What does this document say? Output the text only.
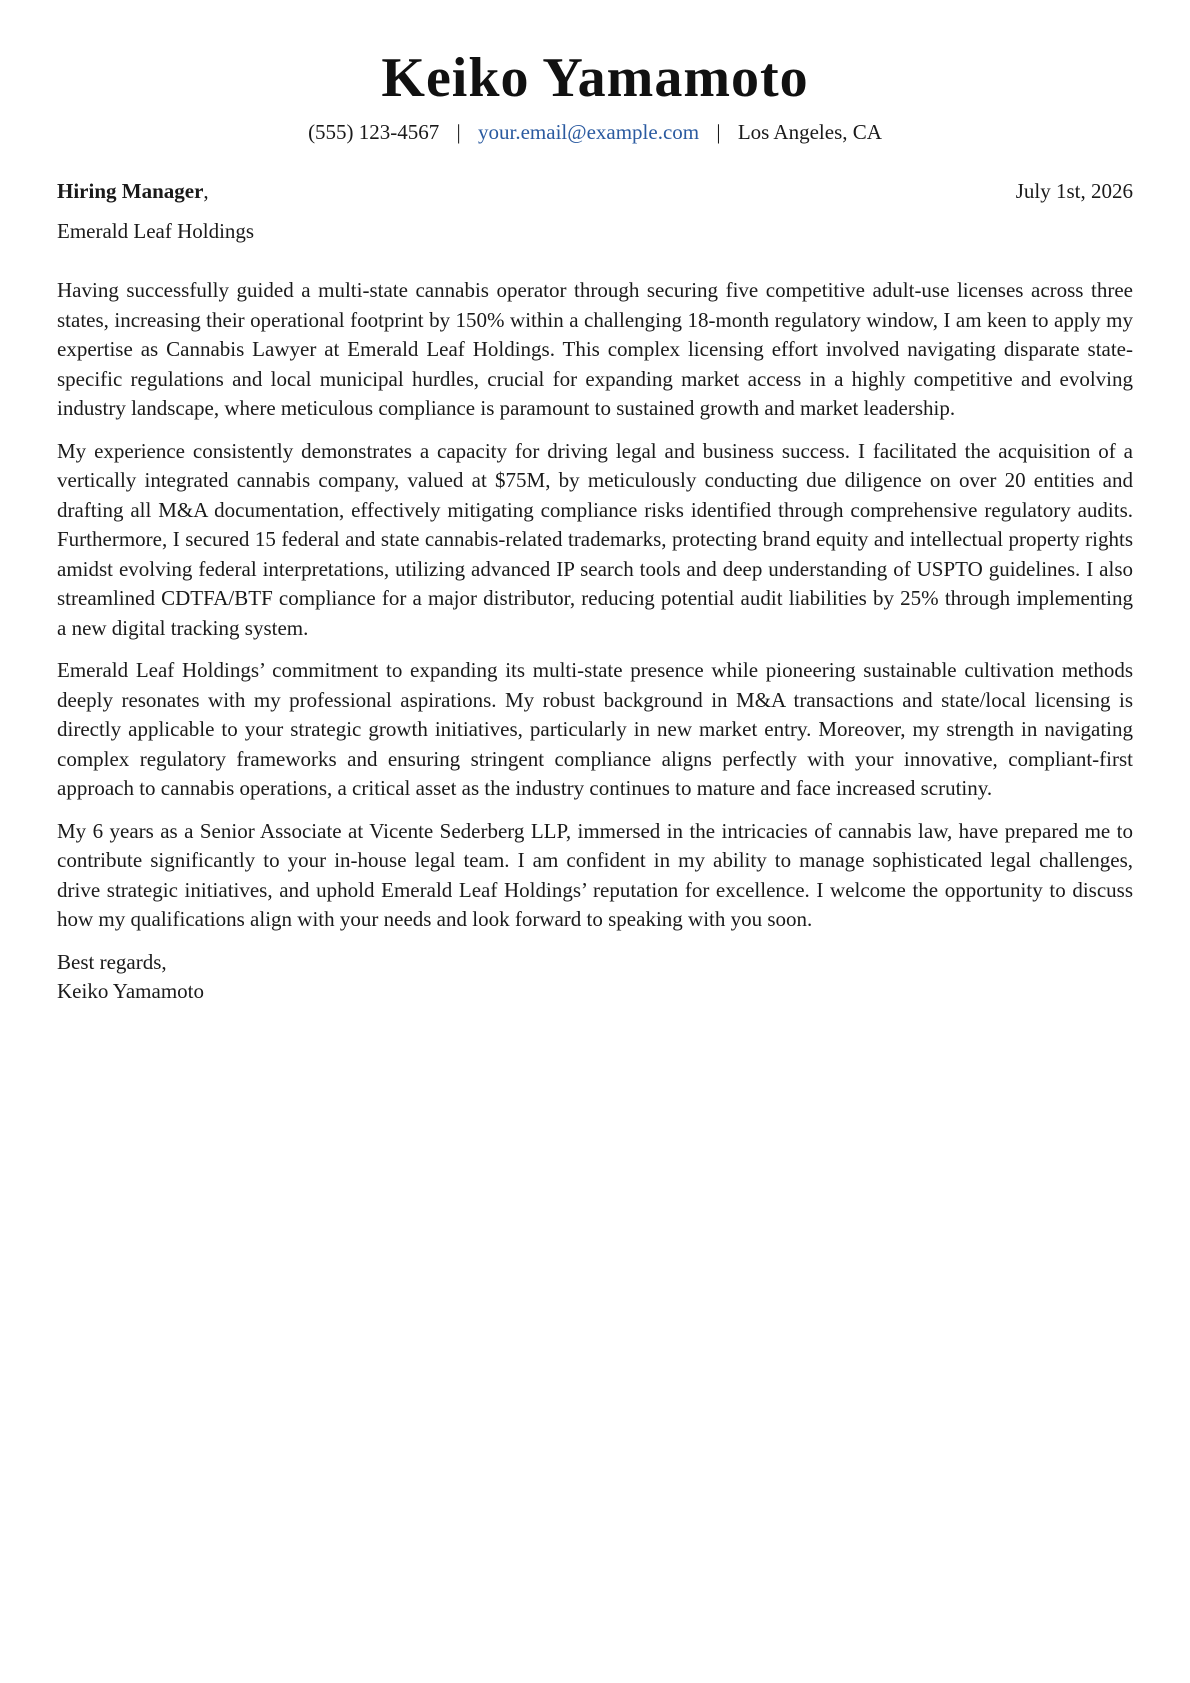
Keiko Yamamoto
(555) 123-4567 | your.email@example.com | Los Angeles, CA
Hiring Manager,	July 1st, 2026
Emerald Leaf Holdings

Having successfully guided a multi-state cannabis operator through securing five competitive adult-use licenses across three states, increasing their operational footprint by 150% within a challenging 18-month regulatory window, I am keen to apply my expertise as Cannabis Lawyer at Emerald Leaf Holdings. This complex licensing effort involved navigating disparate state-specific regulations and local municipal hurdles, crucial for expanding market access in a highly competitive and evolving industry landscape, where meticulous compliance is paramount to sustained growth and market leadership.

My experience consistently demonstrates a capacity for driving legal and business success. I facilitated the acquisition of a vertically integrated cannabis company, valued at $75M, by meticulously conducting due diligence on over 20 entities and drafting all M&A documentation, effectively mitigating compliance risks identified through comprehensive regulatory audits. Furthermore, I secured 15 federal and state cannabis-related trademarks, protecting brand equity and intellectual property rights amidst evolving federal interpretations, utilizing advanced IP search tools and deep understanding of USPTO guidelines. I also streamlined CDTFA/BTF compliance for a major distributor, reducing potential audit liabilities by 25% through implementing a new digital tracking system.

Emerald Leaf Holdings’ commitment to expanding its multi-state presence while pioneering sustainable cultivation methods deeply resonates with my professional aspirations. My robust background in M&A transactions and state/local licensing is directly applicable to your strategic growth initiatives, particularly in new market entry. Moreover, my strength in navigating complex regulatory frameworks and ensuring stringent compliance aligns perfectly with your innovative, compliant-first approach to cannabis operations, a critical asset as the industry continues to mature and face increased scrutiny.

My 6 years as a Senior Associate at Vicente Sederberg LLP, immersed in the intricacies of cannabis law, have prepared me to contribute significantly to your in-house legal team. I am confident in my ability to manage sophisticated legal challenges, drive strategic initiatives, and uphold Emerald Leaf Holdings’ reputation for excellence. I welcome the opportunity to discuss how my qualifications align with your needs and look forward to speaking with you soon.

Best regards,
Keiko Yamamoto
